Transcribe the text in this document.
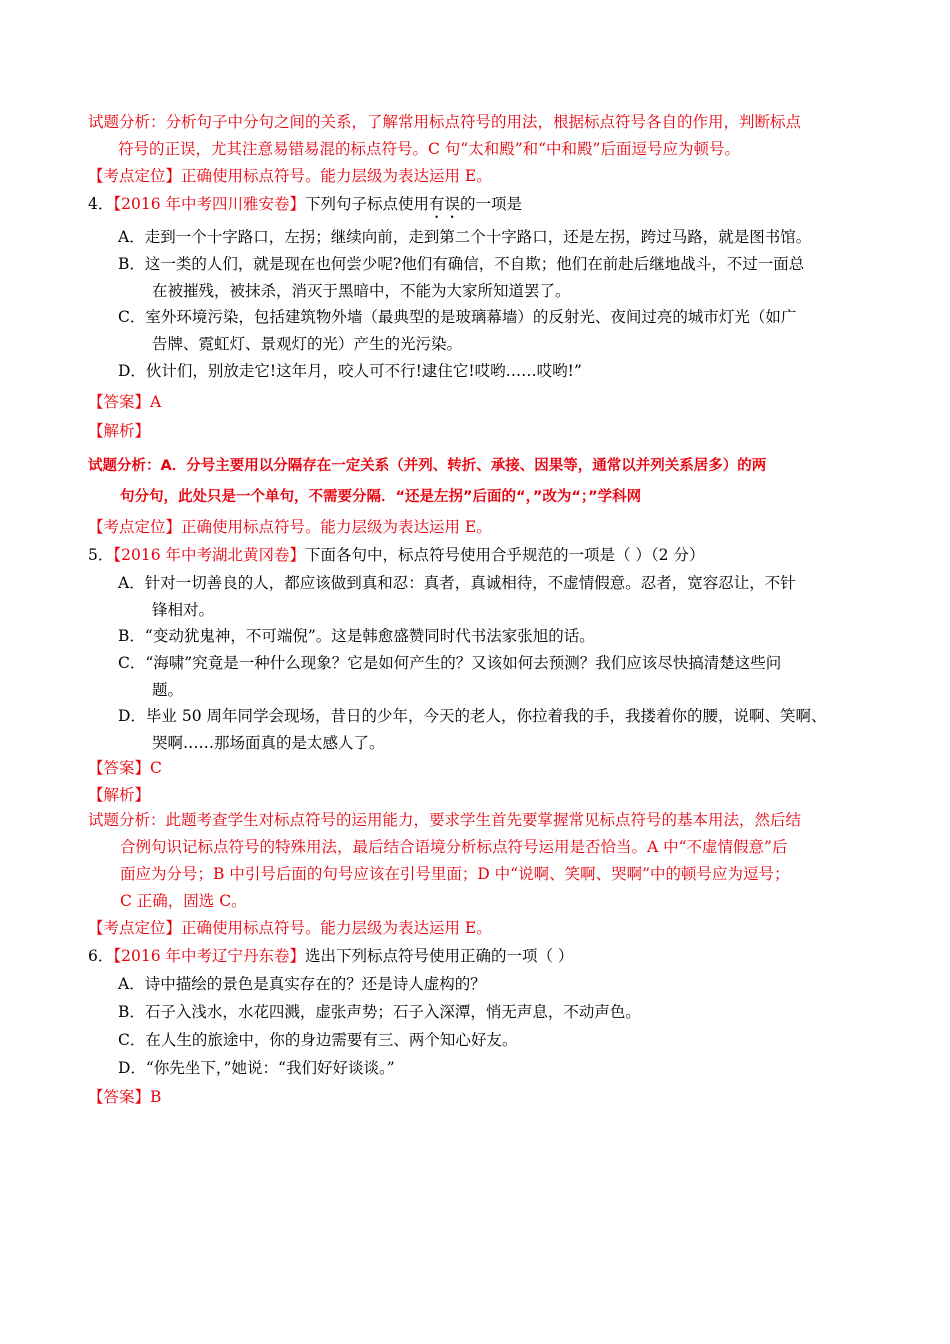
试题分析：分析句子中分句之间的关系，了解常用标点符号的用法，根据标点符号各自的作用，判断标点
符号的正误，尤其注意易错易混的标点符号。C 句“太和殿”和“中和殿”后面逗号应为顿号。
【考点定位】正确使用标点符号。能力层级为表达运用 E。
4．【2016 年中考四川雅安卷】下列句子标点使用有误的一项是
A．走到一个十字路口，左拐；继续向前，走到第二个十字路口，还是左拐，跨过马路，就是图书馆。
B．这一类的人们，就是现在也何尝少呢?他们有确信，不自欺；他们在前赴后继地战斗，不过一面总
在被摧残，被抹杀，消灭于黑暗中，不能为大家所知道罢了。
C．室外环境污染，包括建筑物外墙（最典型的是玻璃幕墙）的反射光、夜间过亮的城市灯光（如广
告牌、霓虹灯、景观灯的光）产生的光污染。
D．伙计们，别放走它!这年月，咬人可不行!逮住它!哎哟……哎哟!”
【答案】A
【解析】
试题分析：A．分号主要用以分隔存在一定关系（并列、转折、承接、因果等，通常以并列关系居多）的两
句分句，此处只是一个单句，不需要分隔．“还是左拐”后面的“，”改为“；”学科网
【考点定位】正确使用标点符号。能力层级为表达运用 E。
5．【2016 年中考湖北黄冈卷】下面各句中，标点符号使用合乎规范的一项是（ ）（2 分）
A．针对一切善良的人，都应该做到真和忍：真者，真诚相待，不虚情假意。忍者，宽容忍让，不针
锋相对。
B．“变动犹鬼神，不可端倪”。这是韩愈盛赞同时代书法家张旭的话。
C．“海啸”究竟是一种什么现象？它是如何产生的？又该如何去预测？我们应该尽快搞清楚这些问
题。
D．毕业 50 周年同学会现场，昔日的少年，今天的老人，你拉着我的手，我搂着你的腰，说啊、笑啊、
哭啊……那场面真的是太感人了。
【答案】C
【解析】
试题分析：此题考查学生对标点符号的运用能力，要求学生首先要掌握常见标点符号的基本用法，然后结
合例句识记标点符号的特殊用法，最后结合语境分析标点符号运用是否恰当。A 中“不虚情假意”后
面应为分号；B 中引号后面的句号应该在引号里面；D 中“说啊、笑啊、哭啊”中的顿号应为逗号；
C 正确，固选 C。
【考点定位】正确使用标点符号。能力层级为表达运用 E。
6．【2016 年中考辽宁丹东卷】选出下列标点符号使用正确的一项（ ）
A．诗中描绘的景色是真实存在的？还是诗人虚构的？
B．石子入浅水，水花四溅，虚张声势；石子入深潭，悄无声息，不动声色。
C．在人生的旅途中，你的身边需要有三、两个知心好友。
D．“你先坐下，”她说：“我们好好谈谈。”
【答案】B
